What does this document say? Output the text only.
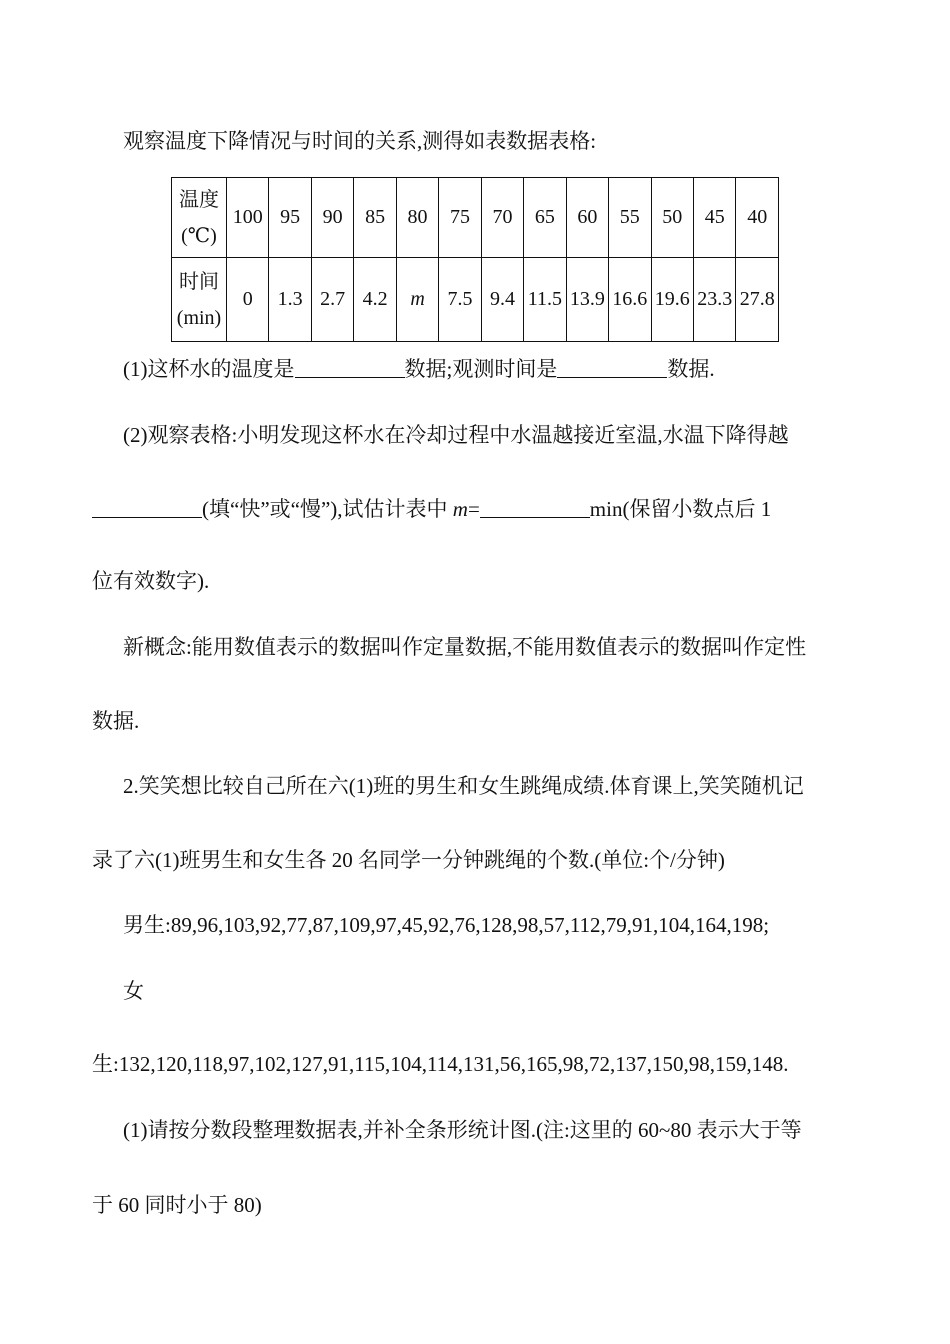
观察温度下降情况与时间的关系,测得如表数据表格:
温度
(℃)	100	95	90	85	80	75	70	65	60	55	50	45	40

时间
(min)	0	1.3	2.7	4.2	m	7.5	9.4	11.5	13.9	16.6	19.6	23.3	27.8
(1)这杯水的温度是	数据;观测时间是	数据.
(2)观察表格:小明发现这杯水在冷却过程中水温越接近室温,水温下降得越
(填“快”或“慢”),试估计表中 m=	min(保留小数点后 1
位有效数字).
新概念:能用数值表示的数据叫作定量数据,不能用数值表示的数据叫作定性
数据.
2.笑笑想比较自己所在六(1)班的男生和女生跳绳成绩.体育课上,笑笑随机记
录了六(1)班男生和女生各 20 名同学一分钟跳绳的个数.(单位:个/分钟)
男生:89,96,103,92,77,87,109,97,45,92,76,128,98,57,112,79,91,104,164,198;
女
生:132,120,118,97,102,127,91,115,104,114,131,56,165,98,72,137,150,98,159,148.
(1)请按分数段整理数据表,并补全条形统计图.(注:这里的 60~80 表示大于等
于 60 同时小于 80)
